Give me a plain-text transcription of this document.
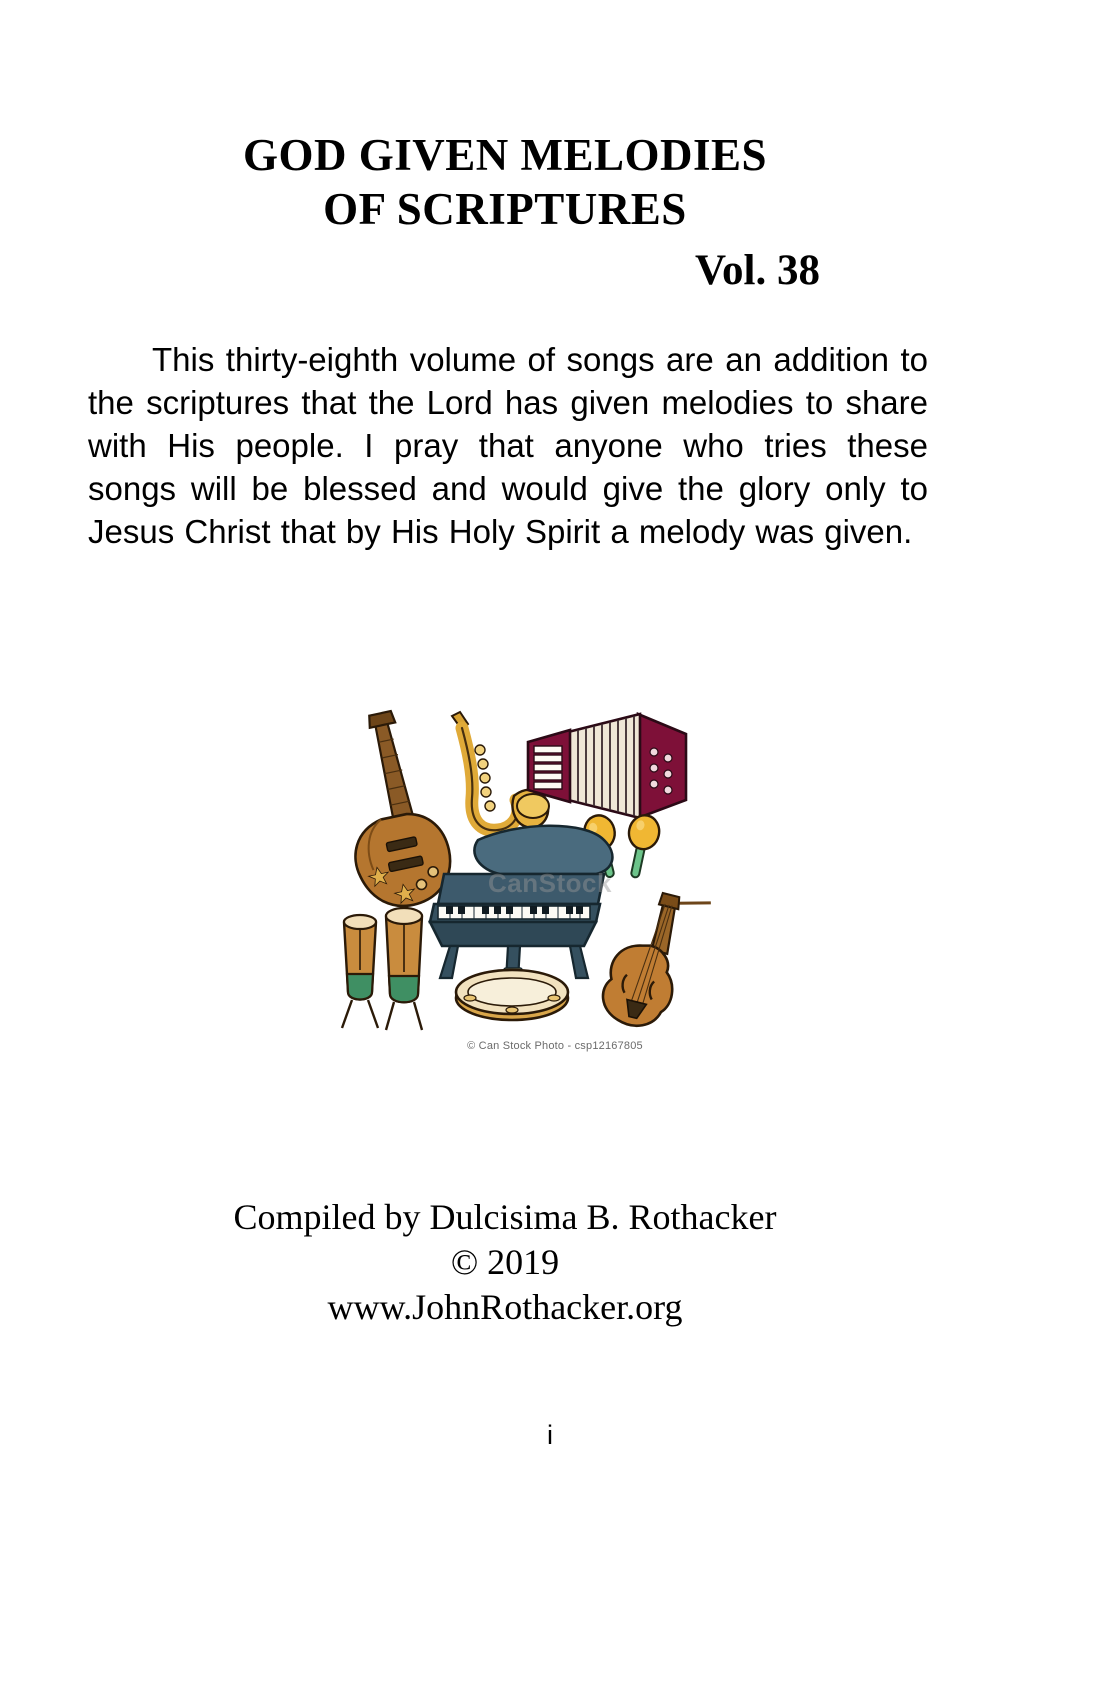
GOD GIVEN MELODIES
OF SCRIPTURES
Vol. 38
This thirty-eighth volume of songs are an addition to the scriptures that the Lord has given melodies to share with His people. I pray that anyone who tries these songs will be blessed and would give the glory only to Jesus Christ that by His Holy Spirit a melody was given.
CanStock
© Can Stock Photo - csp12167805
Compiled by Dulcisima B. Rothacker
© 2019
www.JohnRothacker.org
i
